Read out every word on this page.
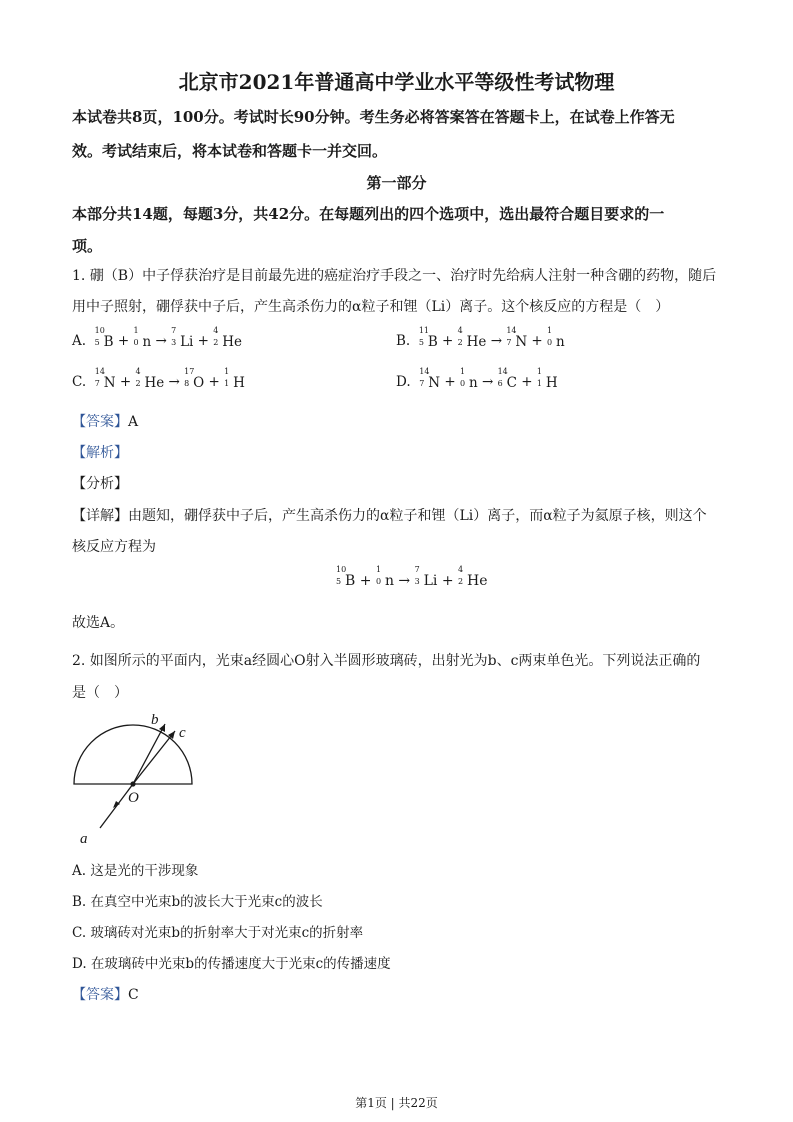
北京市2021年普通高中学业水平等级性考试物理
本试卷共8页，100分。考试时长90分钟。考生务必将答案答在答题卡上，在试卷上作答无
效。考试结束后，将本试卷和答题卡一并交回。
第一部分
本部分共14题，每题3分，共42分。在每题列出的四个选项中，选出最符合题目要求的一
项。
1. 硼（B）中子俘获治疗是目前最先进的癌症治疗手段之一、治疗时先给病人注射一种含硼的药物，随后
用中子照射，硼俘获中子后，产生高杀伤力的α粒子和锂（Li）离子。这个核反应的方程是（　）
A.
10
5 B +
1
0 n →
7
3 Li +
4
2 He	B.
11
5 B +
4
2 He →
14
7 N +
1
0 n
C.
14
7 N +
4
2 He →
17
8 O +
1
1 H	D.
14
7 N +
1
0 n →
14
6 C +
1
1 H
【答案】A
【解析】
【分析】
【详解】由题知，硼俘获中子后，产生高杀伤力的α粒子和锂（Li）离子，而α粒子为氦原子核，则这个
核反应方程为
10
5 B +
1
0 n →
7
3 Li +
4
2 He
故选A。
2. 如图所示的平面内，光束a经圆心O射入半圆形玻璃砖，出射光为b、c两束单色光。下列说法正确的
是（　）
b
c
O
a
A. 这是光的干涉现象
B. 在真空中光束b的波长大于光束c的波长
C. 玻璃砖对光束b的折射率大于对光束c的折射率
D. 在玻璃砖中光束b的传播速度大于光束c的传播速度
【答案】C
第1页 | 共22页
